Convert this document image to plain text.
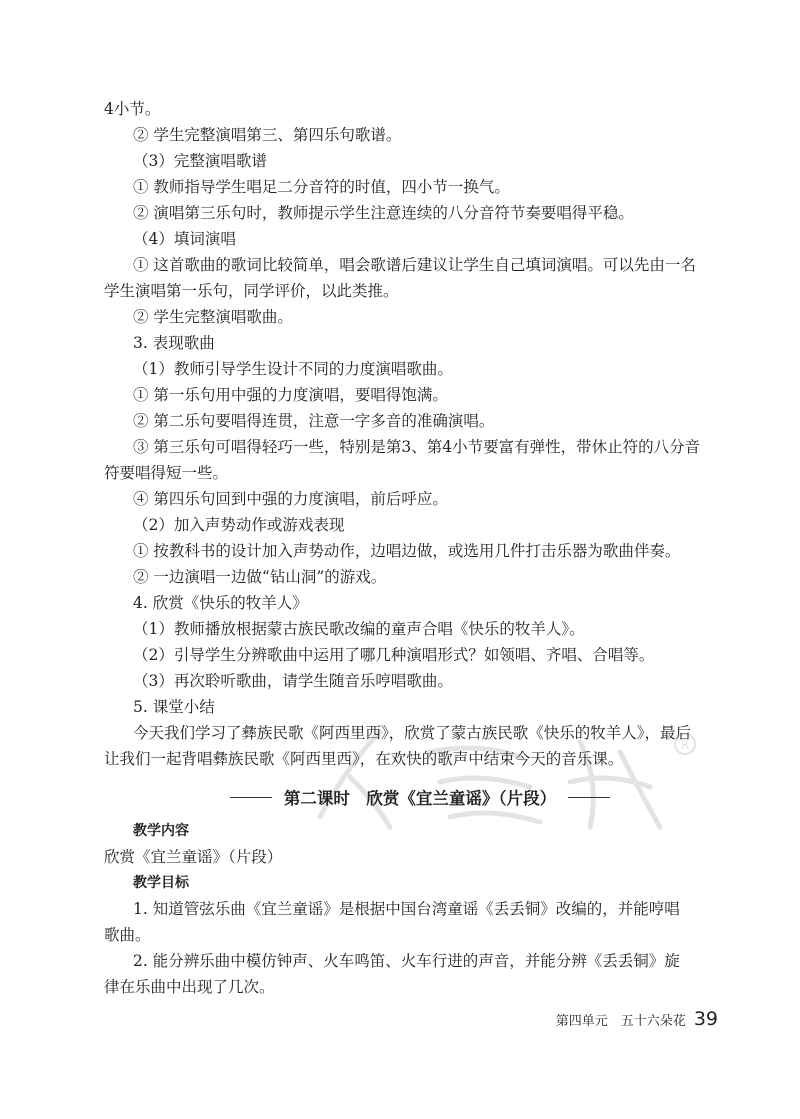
4小节。
② 学生完整演唱第三、第四乐句歌谱。
（3）完整演唱歌谱
① 教师指导学生唱足二分音符的时值，四小节一换气。
② 演唱第三乐句时，教师提示学生注意连续的八分音符节奏要唱得平稳。
（4）填词演唱
① 这首歌曲的歌词比较简单，唱会歌谱后建议让学生自己填词演唱。可以先由一名
学生演唱第一乐句，同学评价，以此类推。
② 学生完整演唱歌曲。
3. 表现歌曲
（1）教师引导学生设计不同的力度演唱歌曲。
① 第一乐句用中强的力度演唱，要唱得饱满。
② 第二乐句要唱得连贯，注意一字多音的准确演唱。
③ 第三乐句可唱得轻巧一些，特别是第3、第4小节要富有弹性，带休止符的八分音
符要唱得短一些。
④ 第四乐句回到中强的力度演唱，前后呼应。
（2）加入声势动作或游戏表现
① 按教科书的设计加入声势动作，边唱边做，或选用几件打击乐器为歌曲伴奏。
② 一边演唱一边做“钻山洞”的游戏。
4. 欣赏《快乐的牧羊人》
（1）教师播放根据蒙古族民歌改编的童声合唱《快乐的牧羊人》。
（2）引导学生分辨歌曲中运用了哪几种演唱形式？如领唱、齐唱、合唱等。
（3）再次聆听歌曲，请学生随音乐哼唱歌曲。
5. 课堂小结
今天我们学习了彝族民歌《阿西里西》，欣赏了蒙古族民歌《快乐的牧羊人》，最后
让我们一起背唱彝族民歌《阿西里西》，在欢快的歌声中结束今天的音乐课。
R
第二课时　欣赏《宜兰童谣》（片段）
教学内容
欣赏《宜兰童谣》（片段）
教学目标
1. 知道管弦乐曲《宜兰童谣》是根据中国台湾童谣《丢丢铜》改编的，并能哼唱
歌曲。
2. 能分辨乐曲中模仿钟声、火车鸣笛、火车行进的声音，并能分辨《丢丢铜》旋
律在乐曲中出现了几次。
第四单元　五十六朵花 39
